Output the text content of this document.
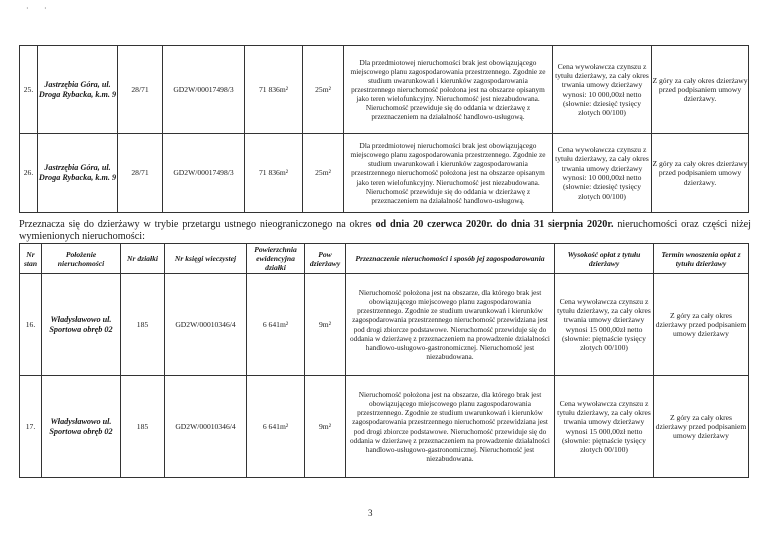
· ·
25.	Jastrzębia Góra, ul. Droga Rybacka, k.m. 9	28/71	GD2W/00017498/3	71 836m²	25m²	Dla przedmiotowej nieruchomości brak jest obowiązującego miejscowego planu zagospodarowania przestrzennego. Zgodnie ze studium uwarunkowań i kierunków zagospodarowania przestrzennego nieruchomość położona jest na obszarze opisanym jako teren wielofunkcyjny. Nieruchomość jest niezabudowana. Nieruchomość przewiduje się do oddania w dzierżawę z przeznaczeniem na działalność handlowo-usługową.	Cena wywoławcza czynszu z tytułu dzierżawy, za cały okres trwania umowy dzierżawy wynosi: 10 000,00zł netto (słownie: dziesięć tysięcy złotych 00/100)	Z góry za cały okres dzierżawy przed podpisaniem umowy dzierżawy.
26.	Jastrzębia Góra, ul. Droga Rybacka, k.m. 9	28/71	GD2W/00017498/3	71 836m²	25m²	Dla przedmiotowej nieruchomości brak jest obowiązującego miejscowego planu zagospodarowania przestrzennego. Zgodnie ze studium uwarunkowań i kierunków zagospodarowania przestrzennego nieruchomość położona jest na obszarze opisanym jako teren wielofunkcyjny. Nieruchomość jest niezabudowana. Nieruchomość przewiduje się do oddania w dzierżawę z przeznaczeniem na działalność handlowo-usługową.	Cena wywoławcza czynszu z tytułu dzierżawy, za cały okres trwania umowy dzierżawy wynosi: 10 000,00zł netto (słownie: dziesięć tysięcy złotych 00/100)	Z góry za cały okres dzierżawy przed podpisaniem umowy dzierżawy.

Przeznacza się do dzierżawy w trybie przetargu ustnego nieograniczonego na okres od dnia 20 czerwca 2020r. do dnia 31 sierpnia 2020r. nieruchomości oraz części niżej wymienionych nieruchomości:

Nr stan	Położenie nieruchomości	Nr działki	Nr księgi wieczystej	Powierzchnia ewidencyjna działki	Pow dzierżawy	Przeznaczenie nieruchomości i sposób jej zagospodarowania	Wysokość opłat z tytułu dzierżawy	Termin wnoszenia opłat z tytułu dzierżawy
16.	Władysławowo ul. Sportowa obręb 02	185	GD2W/00010346/4	6 641m²	9m²	Nieruchomość położona jest na obszarze, dla którego brak jest obowiązującego miejscowego planu zagospodarowania przestrzennego. Zgodnie ze studium uwarunkowań i kierunków zagospodarowania przestrzennego nieruchomość przewidziana jest pod drogi zbiorcze podstawowe. Nieruchomość przewiduje się do oddania w dzierżawę z przeznaczeniem na prowadzenie działalności handlowo-usługowo-gastronomicznej. Nieruchomość jest niezabudowana.	Cena wywoławcza czynszu z tytułu dzierżawy, za cały okres trwania umowy dzierżawy wynosi 15 000,00zł netto (słownie: piętnaście tysięcy złotych 00/100)	Z góry za cały okres dzierżawy przed podpisaniem umowy dzierżawy
17.	Władysławowo ul. Sportowa obręb 02	185	GD2W/00010346/4	6 641m²	9m²	Nieruchomość położona jest na obszarze, dla którego brak jest obowiązującego miejscowego planu zagospodarowania przestrzennego. Zgodnie ze studium uwarunkowań i kierunków zagospodarowania przestrzennego nieruchomość przewidziana jest pod drogi zbiorcze podstawowe. Nieruchomość przewiduje się do oddania w dzierżawę z przeznaczeniem na prowadzenie działalności handlowo-usługowo-gastronomicznej. Nieruchomość jest niezabudowana.	Cena wywoławcza czynszu z tytułu dzierżawy, za cały okres trwania umowy dzierżawy wynosi 15 000,00zł netto (słownie: piętnaście tysięcy złotych 00/100)	Z góry za cały okres dzierżawy przed podpisaniem umowy dzierżawy
3
